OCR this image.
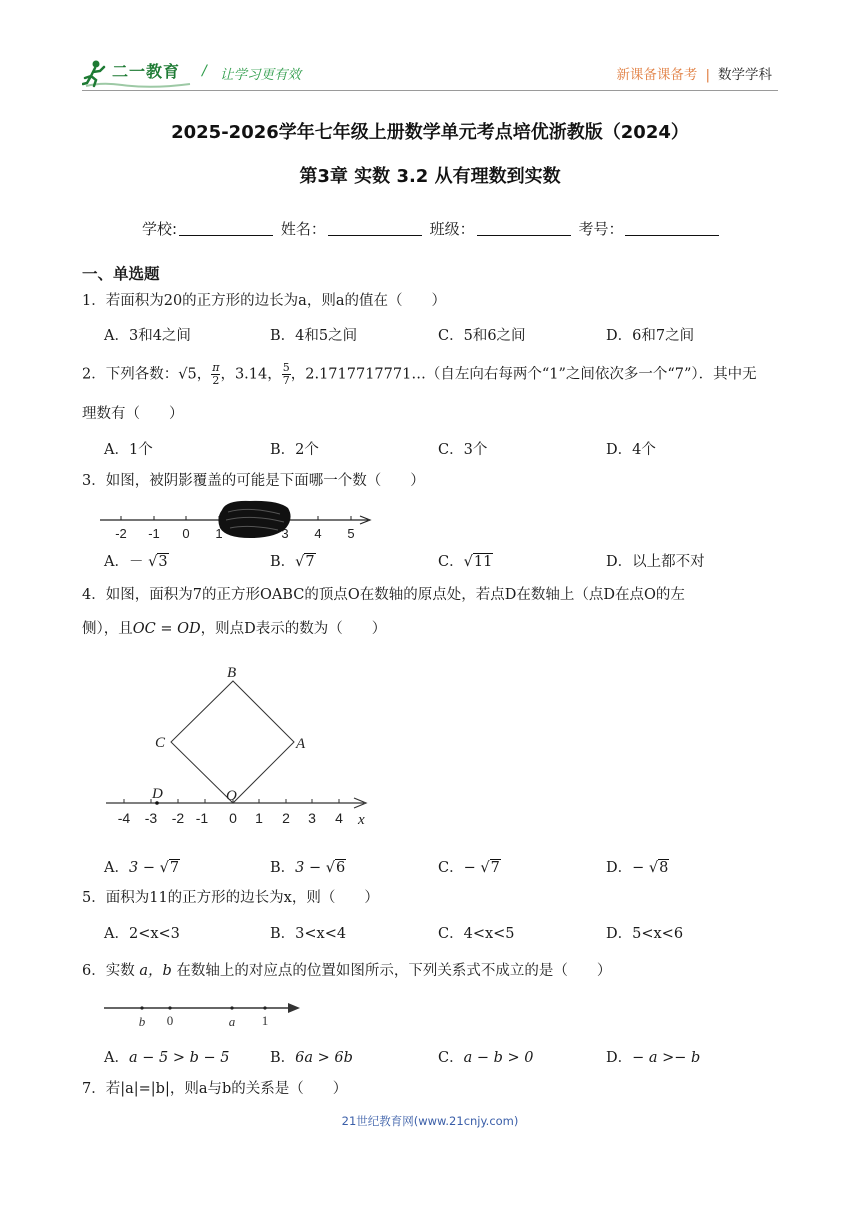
二一教育 / 让学习更有效	新课备课备考 | 数学学科
2025-2026学年七年级上册数学单元考点培优浙教版（2024）
第3章 实数 3.2 从有理数到实数
学校:	姓名：	班级：	考号：
一、单选题
1．若面积为20的正方形的边长为a，则a的值在（　　）
A．3和4之间	B．4和5之间	C．5和6之间	D．6和7之间
2．下列各数：√5， $\frac{\pi}{2}$ ，3.14， $\frac{5}{7}$ ，2.1717717771…（自左向右每两个“1”之间依次多一个“7”）．其中无
理数有（　　）
A．1个	B．2个	C．3个	D．4个
3．如图，被阴影覆盖的可能是下面哪一个数（　　）
-2 -1 0 1	3 4 5
A．－ √3	B．√7	C．√11	D．以上都不对
4．如图，面积为7的正方形OABC的顶点O在数轴的原点处，若点D在数轴上（点D在点O的左
侧），且OC = OD，则点D表示的数为（　　）
B
C	A
D	O
x
-4 -3 -2 -1 0 1 2 3 4
A．3 − √7	B．3 − √6	C．− √7	D．− √8
5．面积为11的正方形的边长为x，则（　　）
A．2<x<3	B．3<x<4	C．4<x<5	D．5<x<6
6．实数 a，b 在数轴上的对应点的位置如图所示，下列关系式不成立的是（　　）
b 0	a 1
A．a − 5 > b − 5	B．6a > 6b	C．a − b > 0	D．− a >− b
7．若|a|=|b|，则a与b的关系是（　　）
21世纪教育网(www.21cnjy.com)
